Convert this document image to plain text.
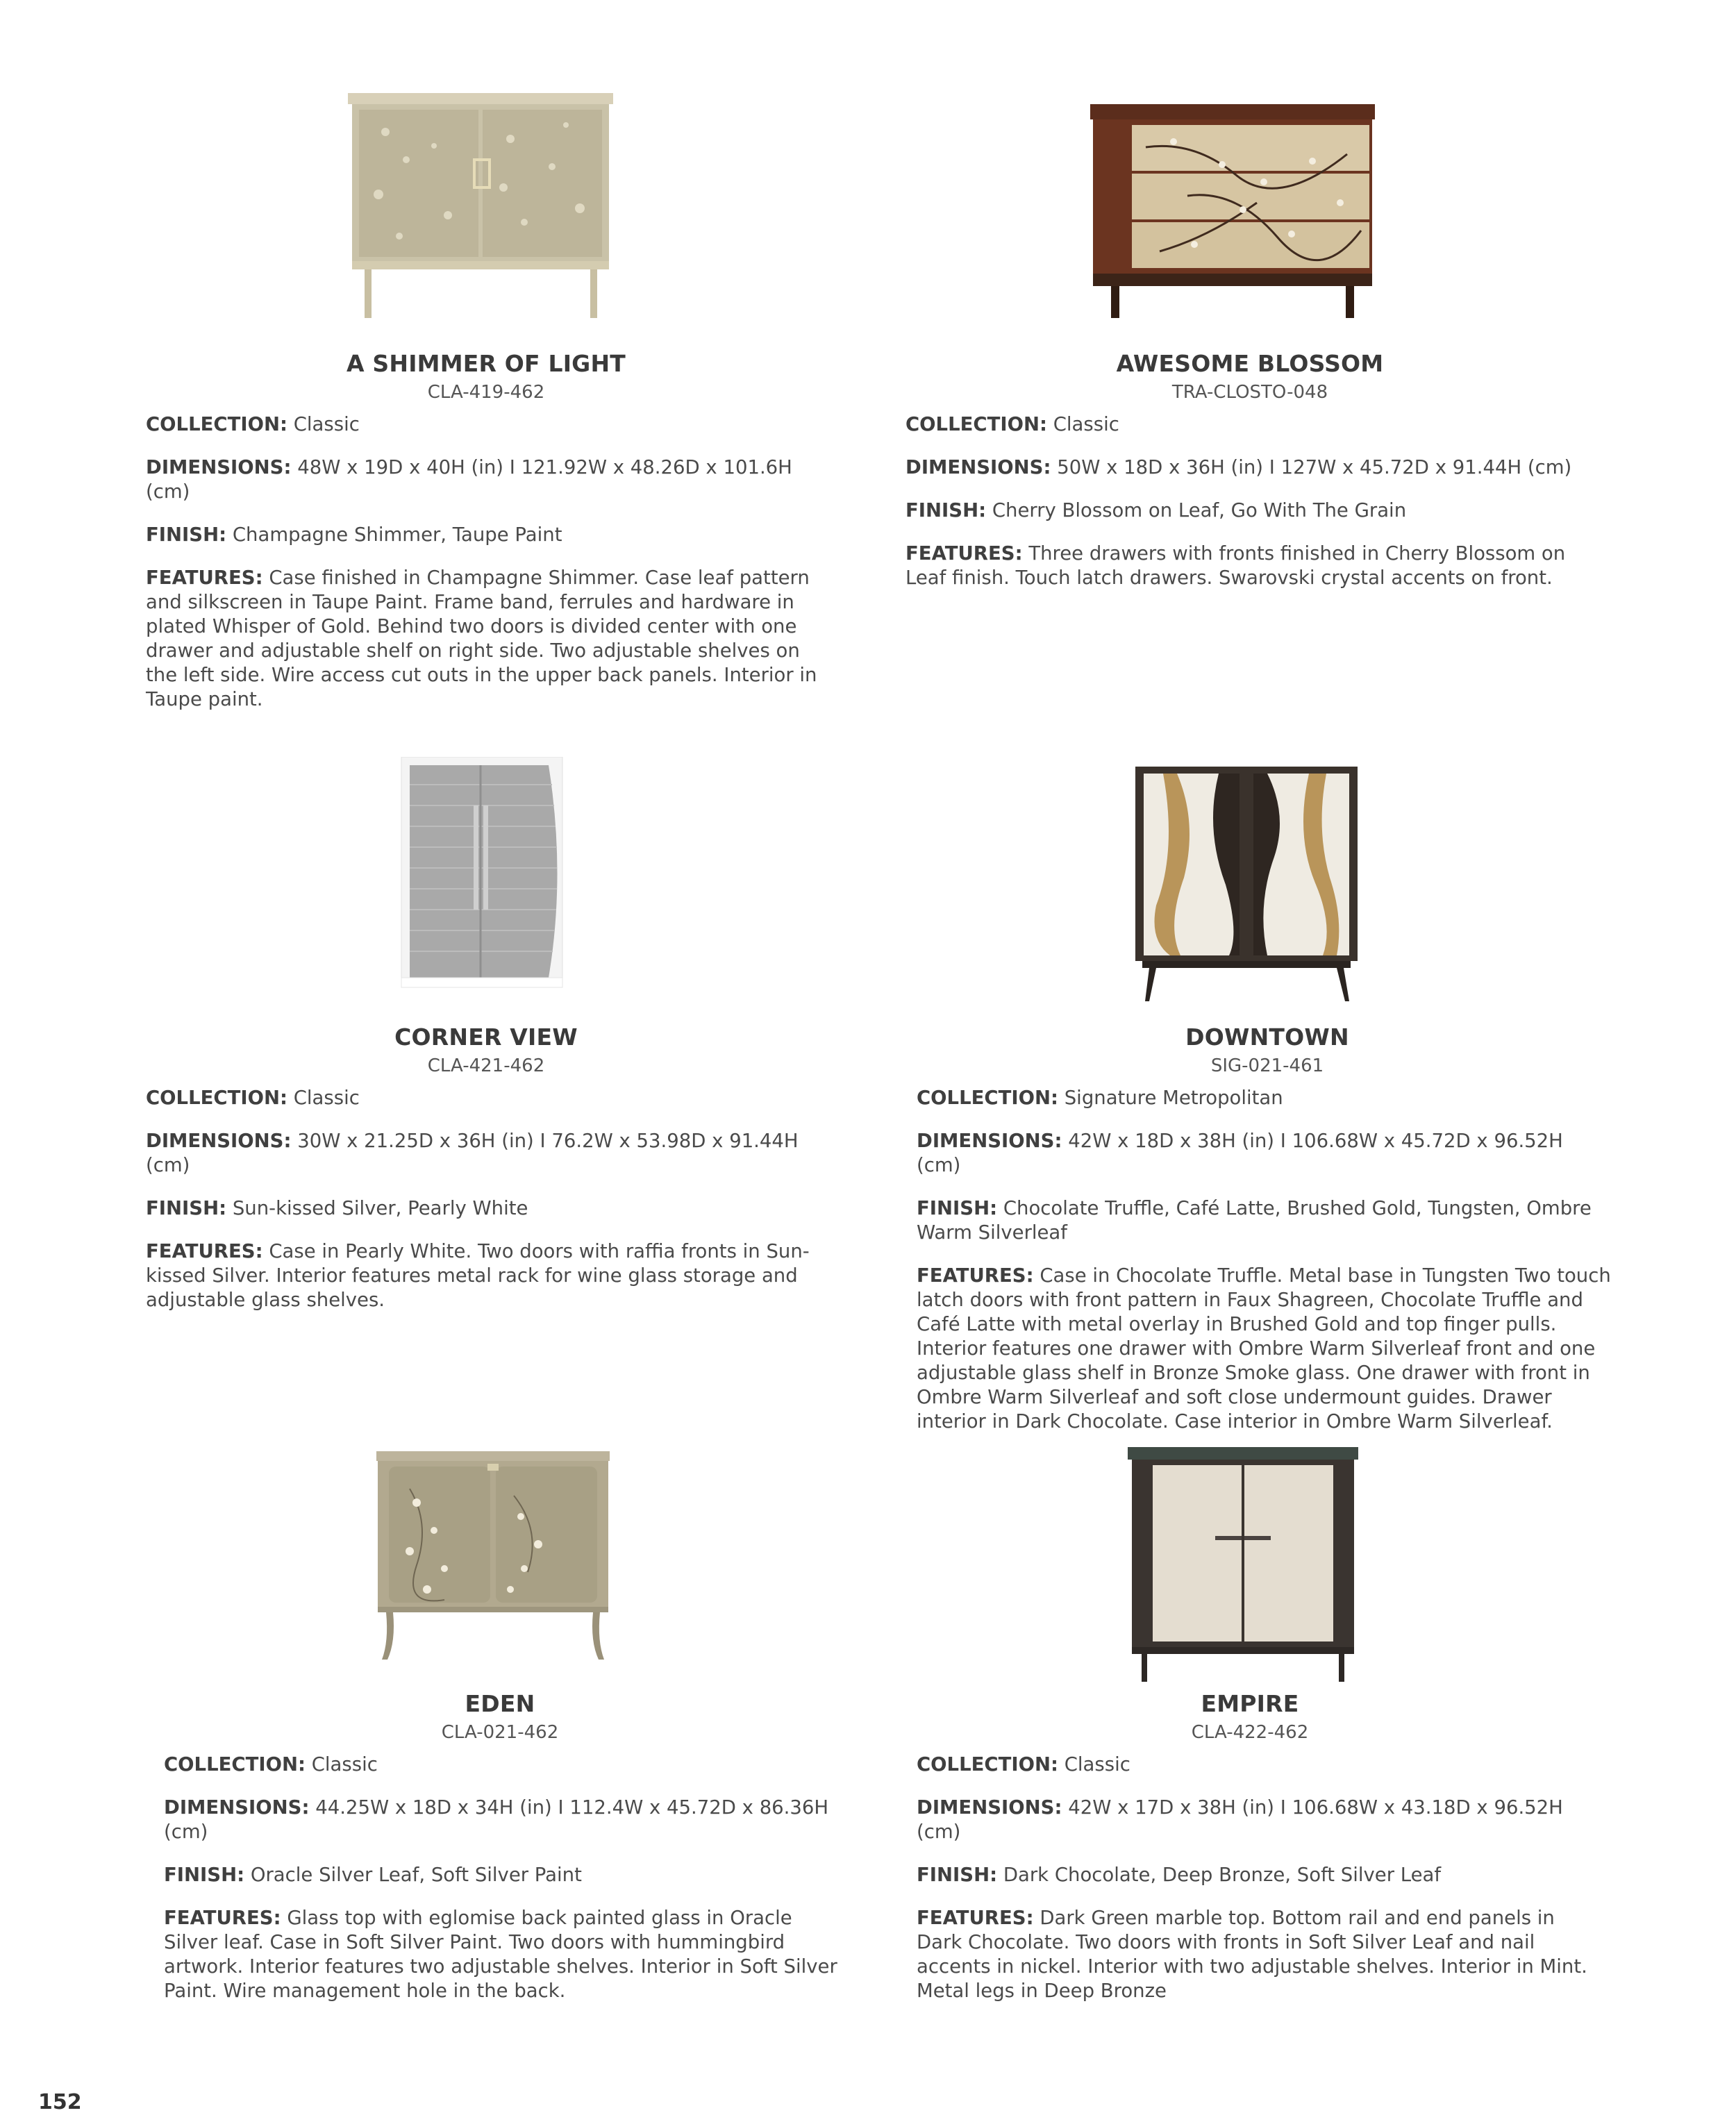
A SHIMMER OF LIGHT
CLA-419-462

COLLECTION: Classic

DIMENSIONS: 48W x 19D x 40H (in) I 121.92W x 48.26D x 101.6H (cm)

FINISH: Champagne Shimmer, Taupe Paint

FEATURES: Case finished in Champagne Shimmer. Case leaf pattern and silkscreen in Taupe Paint. Frame band, ferrules and hardware in plated Whisper of Gold. Behind two doors is divided center with one drawer and adjustable shelf on right side. Two adjustable shelves on the left side. Wire access cut outs in the upper back panels. Interior in Taupe paint.

AWESOME BLOSSOM
TRA-CLOSTO-048

COLLECTION: Classic

DIMENSIONS: 50W x 18D x 36H (in) I 127W x 45.72D x 91.44H (cm)

FINISH: Cherry Blossom on Leaf, Go With The Grain

FEATURES: Three drawers with fronts finished in Cherry Blossom on Leaf finish. Touch latch drawers. Swarovski crystal accents on front.

CORNER VIEW
CLA-421-462

COLLECTION: Classic

DIMENSIONS: 30W x 21.25D x 36H (in) I 76.2W x 53.98D x 91.44H (cm)

FINISH: Sun-kissed Silver, Pearly White

FEATURES: Case in Pearly White. Two doors with raffia fronts in Sun-kissed Silver. Interior features metal rack for wine glass storage and adjustable glass shelves.

DOWNTOWN
SIG-021-461

COLLECTION: Signature Metropolitan

DIMENSIONS: 42W x 18D x 38H (in) I 106.68W x 45.72D x 96.52H (cm)

FINISH: Chocolate Truffle, Café Latte, Brushed Gold, Tungsten, Ombre Warm Silverleaf

FEATURES: Case in Chocolate Truffle. Metal base in Tungsten Two touch latch doors with front pattern in Faux Shagreen, Chocolate Truffle and Café Latte with metal overlay in Brushed Gold and top finger pulls. Interior features one drawer with Ombre Warm Silverleaf front and one adjustable glass shelf in Bronze Smoke glass. One drawer with front in Ombre Warm Silverleaf and soft close undermount guides. Drawer interior in Dark Chocolate. Case interior in Ombre Warm Silverleaf.

EDEN
CLA-021-462

COLLECTION: Classic

DIMENSIONS: 44.25W x 18D x 34H (in) I 112.4W x 45.72D x 86.36H (cm)

FINISH: Oracle Silver Leaf, Soft Silver Paint

FEATURES: Glass top with eglomise back painted glass in Oracle Silver leaf. Case in Soft Silver Paint. Two doors with hummingbird artwork. Interior features two adjustable shelves. Interior in Soft Silver Paint. Wire management hole in the back.

EMPIRE
CLA-422-462

COLLECTION: Classic

DIMENSIONS: 42W x 17D x 38H (in) I 106.68W x 43.18D x 96.52H (cm)

FINISH: Dark Chocolate, Deep Bronze, Soft Silver Leaf

FEATURES: Dark Green marble top. Bottom rail and end panels in Dark Chocolate. Two doors with fronts in Soft Silver Leaf and nail accents in nickel. Interior with two adjustable shelves. Interior in Mint. Metal legs in Deep Bronze

152
